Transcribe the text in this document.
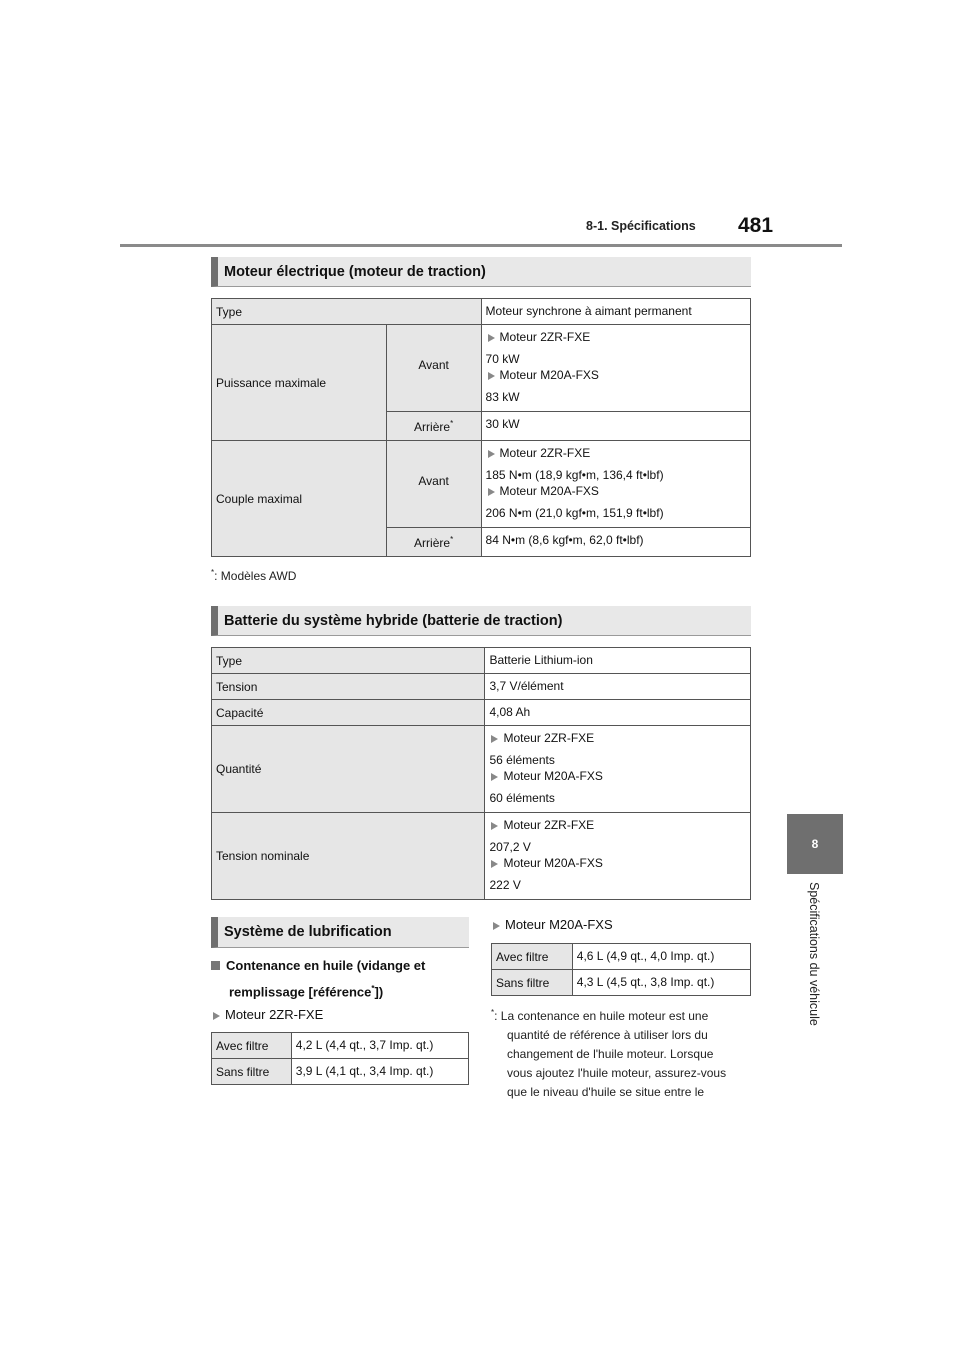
8-1. Spécifications 481
8
Spécifications du véhicule
Moteur électrique (moteur de traction)
Type		Moteur synchrone à aimant permanent
Puissance maximale	Avant	Moteur 2ZR-FXE
70 kW
Moteur M20A-FXS
83 kW

	Arrière*	30 kW
Couple maximal	Avant	Moteur 2ZR-FXE
185 N•m (18,9 kgf•m, 136,4 ft•lbf)
Moteur M20A-FXS
206 N•m (21,0 kgf•m, 151,9 ft•lbf)

	Arrière*	84 N•m (8,6 kgf•m, 62,0 ft•lbf)
*: Modèles AWD
Batterie du système hybride (batterie de traction)
Type	Batterie Lithium-ion
Tension	3,7 V/élément
Capacité	4,08 Ah
Quantité	Moteur 2ZR-FXE
56 éléments
Moteur M20A-FXS
60 éléments

Tension nominale	Moteur 2ZR-FXE
207,2 V
Moteur M20A-FXS
222 V
Système de lubrification
Contenance en huile (vidange et
remplissage [référence*])
Moteur 2ZR-FXE
Avec filtre	4,2 L (4,4 qt., 3,7 Imp. qt.)
Sans filtre	3,9 L (4,1 qt., 3,4 Imp. qt.)
Moteur M20A-FXS
Avec filtre	4,6 L (4,9 qt., 4,0 Imp. qt.)
Sans filtre	4,3 L (4,5 qt., 3,8 Imp. qt.)
*: La contenance en huile moteur est une
quantité de référence à utiliser lors du
changement de l'huile moteur. Lorsque
vous ajoutez l'huile moteur, assurez-vous
que le niveau d'huile se situe entre le
